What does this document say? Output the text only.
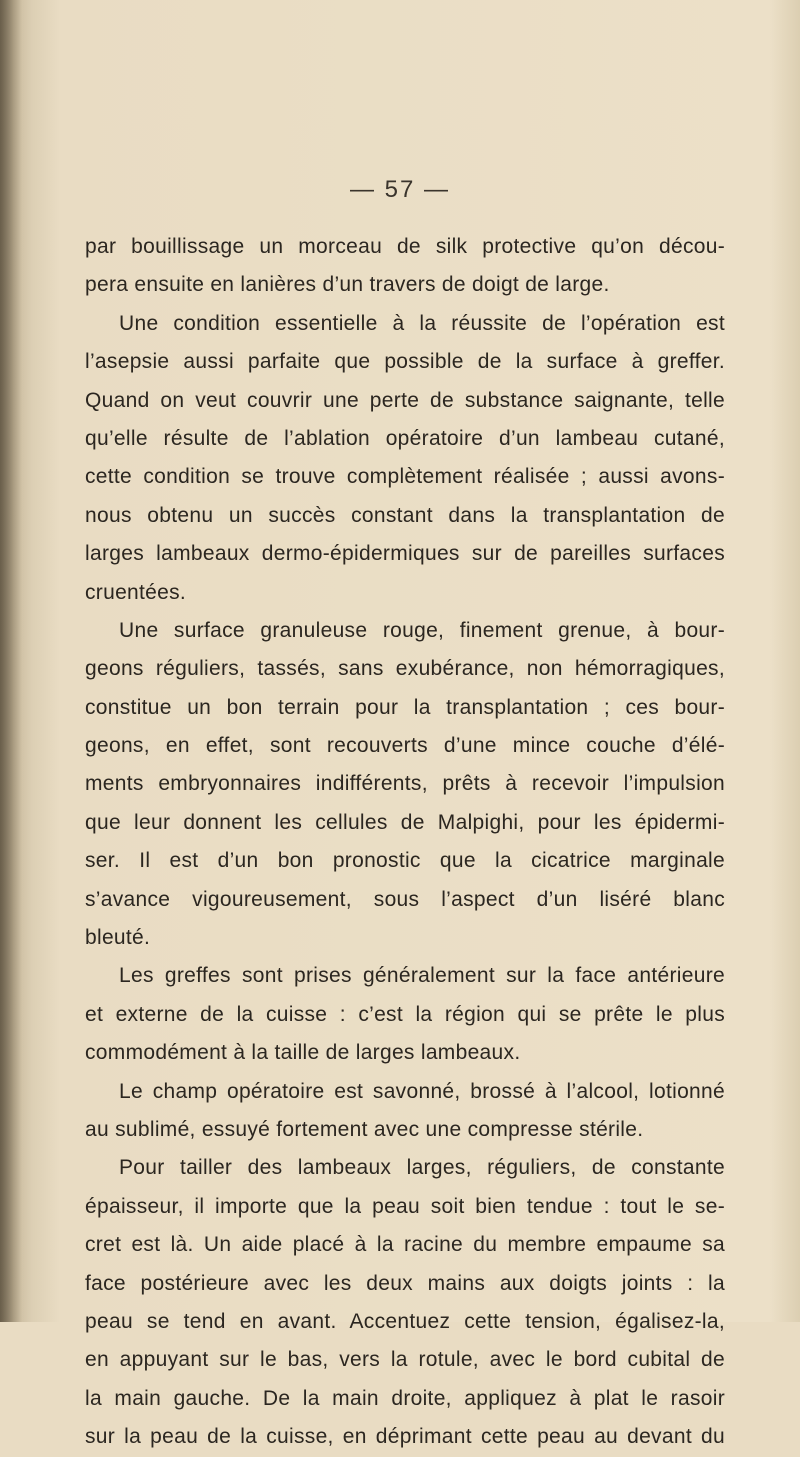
— 57 —
par bouillissage un morceau de silk protective qu’on décou-
pera ensuite en lanières d’un travers de doigt de large.
Une condition essentielle à la réussite de l’opération est
l’asepsie aussi parfaite que possible de la surface à greffer.
Quand on veut couvrir une perte de substance saignante, telle
qu’elle résulte de l’ablation opératoire d’un lambeau cutané,
cette condition se trouve complètement réalisée ; aussi avons-
nous obtenu un succès constant dans la transplantation de
larges lambeaux dermo-épidermiques sur de pareilles surfaces
cruentées.
Une surface granuleuse rouge, finement grenue, à bour-
geons réguliers, tassés, sans exubérance, non hémorragiques,
constitue un bon terrain pour la transplantation ; ces bour-
geons, en effet, sont recouverts d’une mince couche d’élé-
ments embryonnaires indifférents, prêts à recevoir l’impulsion
que leur donnent les cellules de Malpighi, pour les épidermi-
ser. Il est d’un bon pronostic que la cicatrice marginale
s’avance vigoureusement, sous l’aspect d’un liséré blanc
bleuté.
Les greffes sont prises généralement sur la face antérieure
et externe de la cuisse : c’est la région qui se prête le plus
commodément à la taille de larges lambeaux.
Le champ opératoire est savonné, brossé à l’alcool, lotionné
au sublimé, essuyé fortement avec une compresse stérile.
Pour tailler des lambeaux larges, réguliers, de constante
épaisseur, il importe que la peau soit bien tendue : tout le se-
cret est là. Un aide placé à la racine du membre empaume sa
face postérieure avec les deux mains aux doigts joints : la
peau se tend en avant. Accentuez cette tension, égalisez-la,
en appuyant sur le bas, vers la rotule, avec le bord cubital de
la main gauche. De la main droite, appliquez à plat le rasoir
sur la peau de la cuisse, en déprimant cette peau au devant du
